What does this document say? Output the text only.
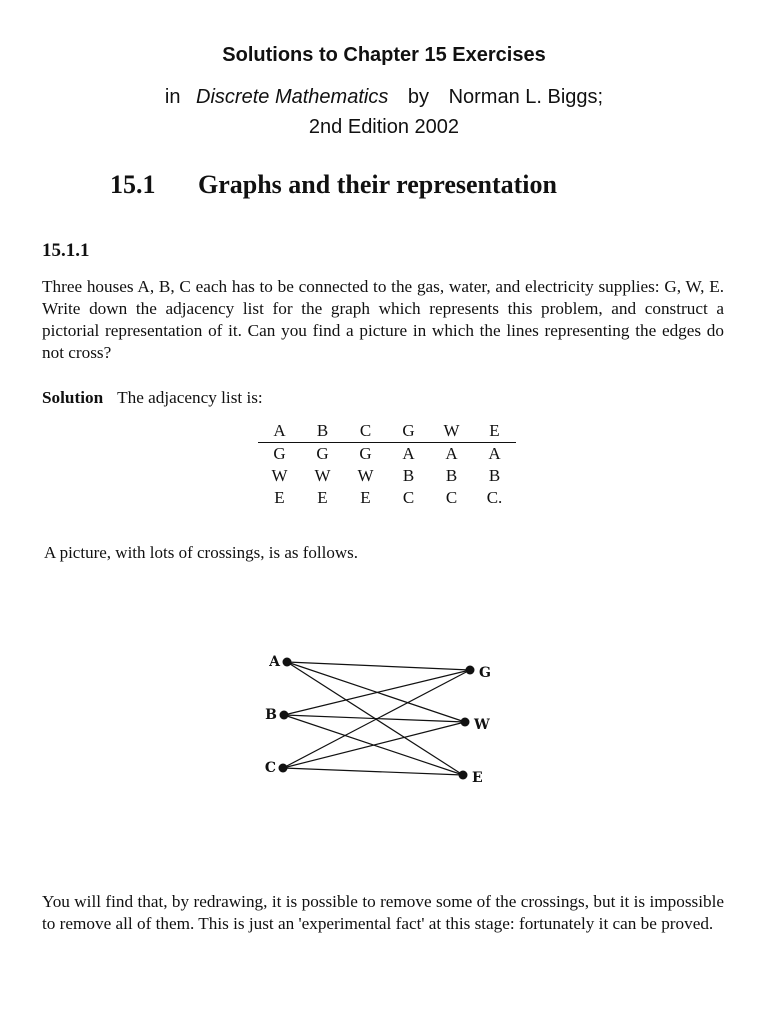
Solutions to Chapter 15 Exercises
in Discrete Mathematics by Norman L. Biggs;
2nd Edition 2002
15.1 Graphs and their representation
15.1.1
Three houses A, B, C each has to be connected to the gas, water, and electricity supplies: G, W, E. Write down the adjacency list for the graph which represents this problem, and construct a pictorial representation of it. Can you find a picture in which the lines representing the edges do not cross?
Solution The adjacency list is:
A	B	C	G	W	E
G	G	G	A	A	A
W	W	W	B	B	B
E	E	E	C	C	C.
A picture, with lots of crossings, is as follows.
A
B
C
G
W
E
You will find that, by redrawing, it is possible to remove some of the crossings, but it is impossible to remove all of them. This is just an 'experimental fact' at this stage: fortunately it can be proved.
